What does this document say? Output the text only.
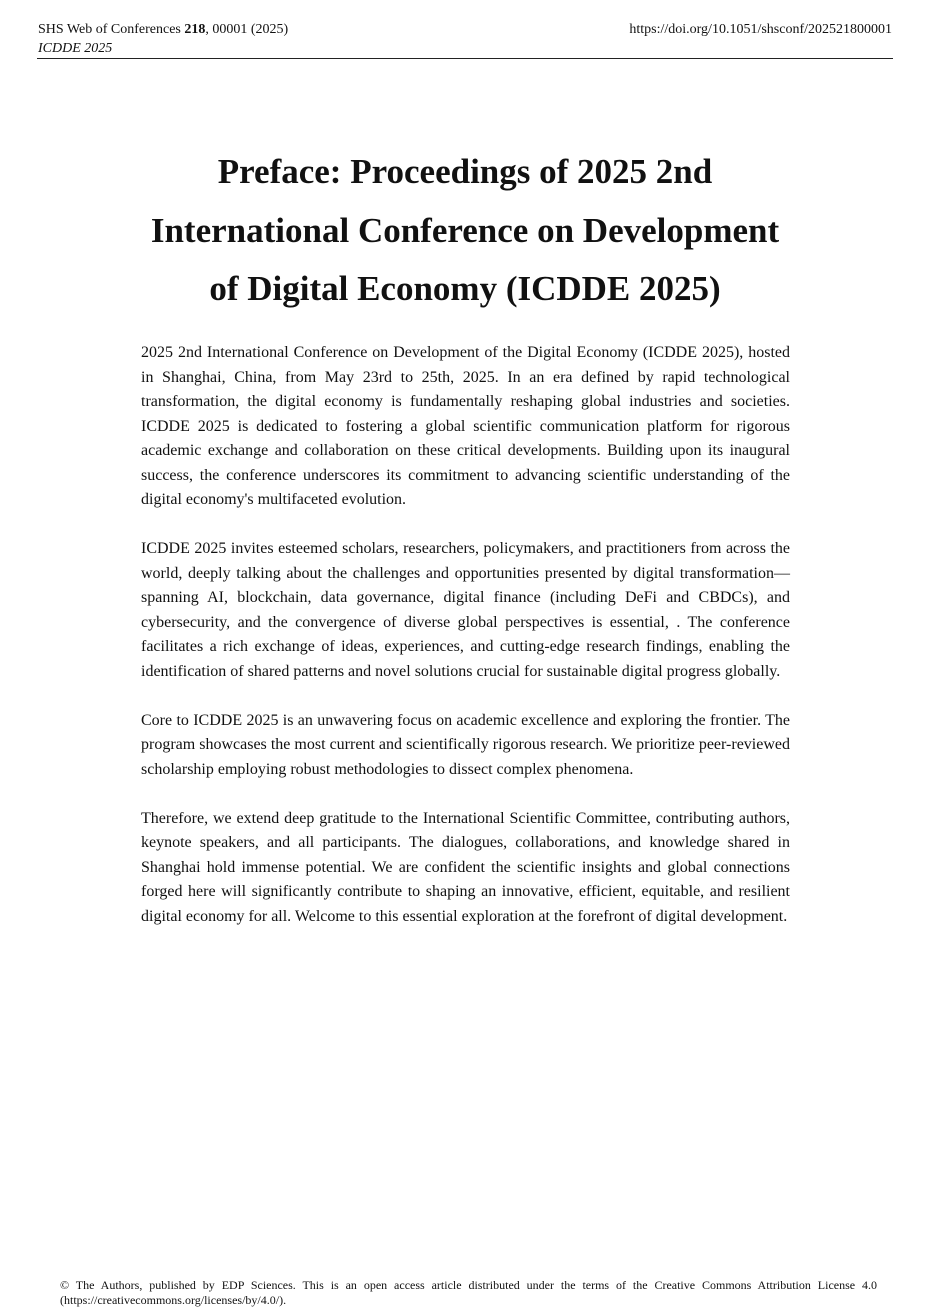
SHS Web of Conferences 218, 00001 (2025)
ICDDE 2025
https://doi.org/10.1051/shsconf/202521800001
Preface: Proceedings of 2025 2nd
International Conference on Development
of Digital Economy (ICDDE 2025)

2025 2nd International Conference on Development of the Digital Economy (ICDDE 2025), hosted in Shanghai, China, from May 23rd to 25th, 2025. In an era defined by rapid technological transformation, the digital economy is fundamentally reshaping global industries and societies. ICDDE 2025 is dedicated to fostering a global scientific communication platform for rigorous academic exchange and collaboration on these critical developments. Building upon its inaugural success, the conference underscores its commitment to advancing scientific understanding of the digital economy's multifaceted evolution.

ICDDE 2025 invites esteemed scholars, researchers, policymakers, and practitioners from across the world, deeply talking about the challenges and opportunities presented by digital transformation—spanning AI, blockchain, data governance, digital finance (including DeFi and CBDCs), and cybersecurity, and the convergence of diverse global perspectives is essential, . The conference facilitates a rich exchange of ideas, experiences, and cutting-edge research findings, enabling the identification of shared patterns and novel solutions crucial for sustainable digital progress globally.

Core to ICDDE 2025 is an unwavering focus on academic excellence and exploring the frontier. The program showcases the most current and scientifically rigorous research. We prioritize peer-reviewed scholarship employing robust methodologies to dissect complex phenomena.

Therefore, we extend deep gratitude to the International Scientific Committee, contributing authors, keynote speakers, and all participants. The dialogues, collaborations, and knowledge shared in Shanghai hold immense potential. We are confident the scientific insights and global connections forged here will significantly contribute to shaping an innovative, efficient, equitable, and resilient digital economy for all. Welcome to this essential exploration at the forefront of digital development.

© The Authors, published by EDP Sciences. This is an open access article distributed under the terms of the Creative Commons Attribution License 4.0 (https://creativecommons.org/licenses/by/4.0/).
